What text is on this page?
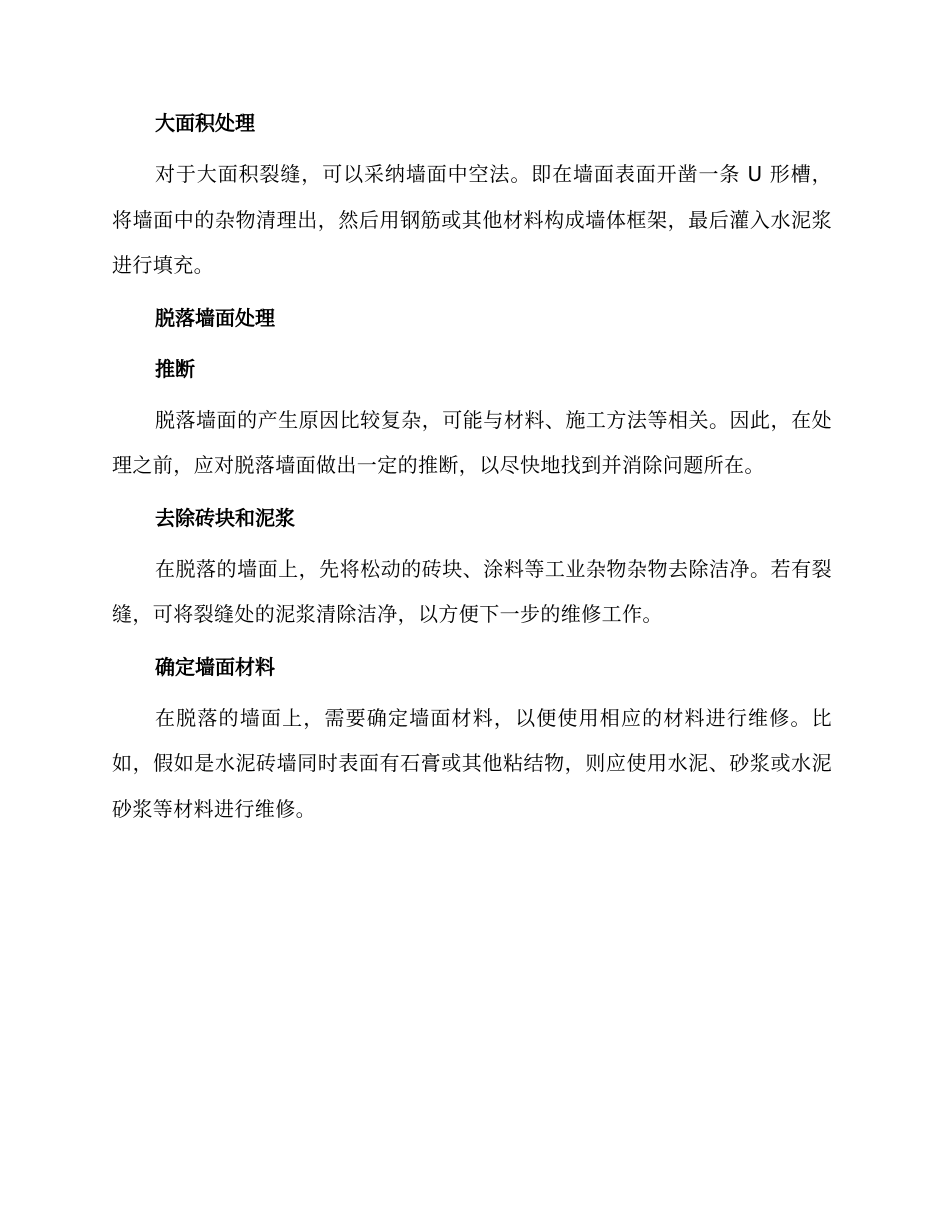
大面积处理

对于大面积裂缝，可以采纳墙面中空法。即在墙面表面开凿一条 U 形槽，将墙面中的杂物清理出，然后用钢筋或其他材料构成墙体框架，最后灌入水泥浆进行填充。

脱落墙面处理
推断

脱落墙面的产生原因比较复杂，可能与材料、施工方法等相关。因此，在处理之前，应对脱落墙面做出一定的推断，以尽快地找到并消除问题所在。

去除砖块和泥浆

在脱落的墙面上，先将松动的砖块、涂料等工业杂物杂物去除洁净。若有裂缝，可将裂缝处的泥浆清除洁净，以方便下一步的维修工作。

确定墙面材料

在脱落的墙面上，需要确定墙面材料，以便使用相应的材料进行维修。比如，假如是水泥砖墙同时表面有石膏或其他粘结物，则应使用水泥、砂浆或水泥砂浆等材料进行维修。
